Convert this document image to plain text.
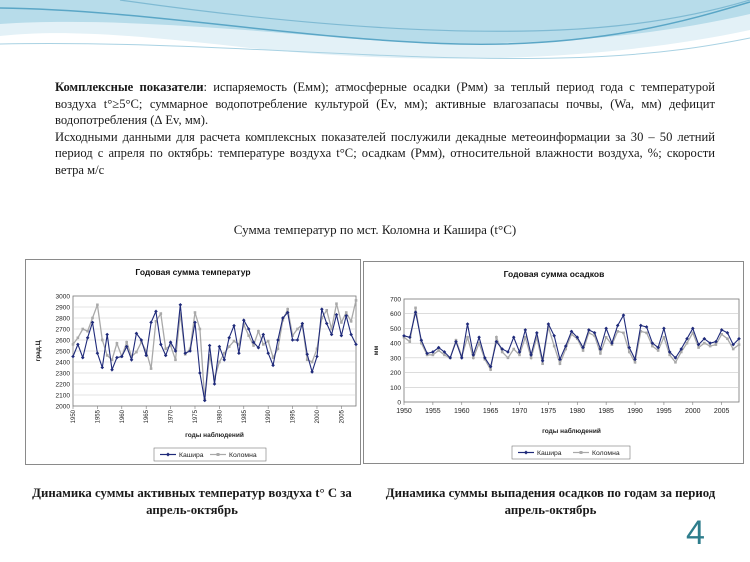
Комплексные показатели: испаряемость (Емм); атмосферные осадки (Рмм) за теплый период года с температурой воздуха t°≥5°С; суммарное водопотребление культурой (Еv, мм); активные влагозапасы почвы, (Wa, мм) дефицит водопотребления (∆ Еv, мм).

Исходными данными для расчета комплексных показателей послужили декадные метеоинформации за 30 – 50 летний период с апреля по октябрь: температуре воздуха t°С; осадкам (Рмм), относительной влажности воздуха, %; скорости ветра м/с

Сумма температур по мст. Коломна и Кашира (t°С)
Годовая сумма температур
2000
2100
2200
2300
2400
2500
2600
2700
2800
2900
3000
1950	1955	1960	1965	1970	1975	1980	1985	1990	1995	2000	2005
град.Ц
годы наблюдений
Кашира	Коломна
Годовая сумма осадков
0
100
200
300
400
500
600
700
1950 1955 1960 1965 1970 1975 1980 1985 1990 1995 2000 2005
мм
годы наблюдений
Кашира	Коломна
Динамика суммы активных температур воздуха t° С за апрель-октябрь
Динамика суммы выпадения осадков по годам за период апрель-октябрь
4
